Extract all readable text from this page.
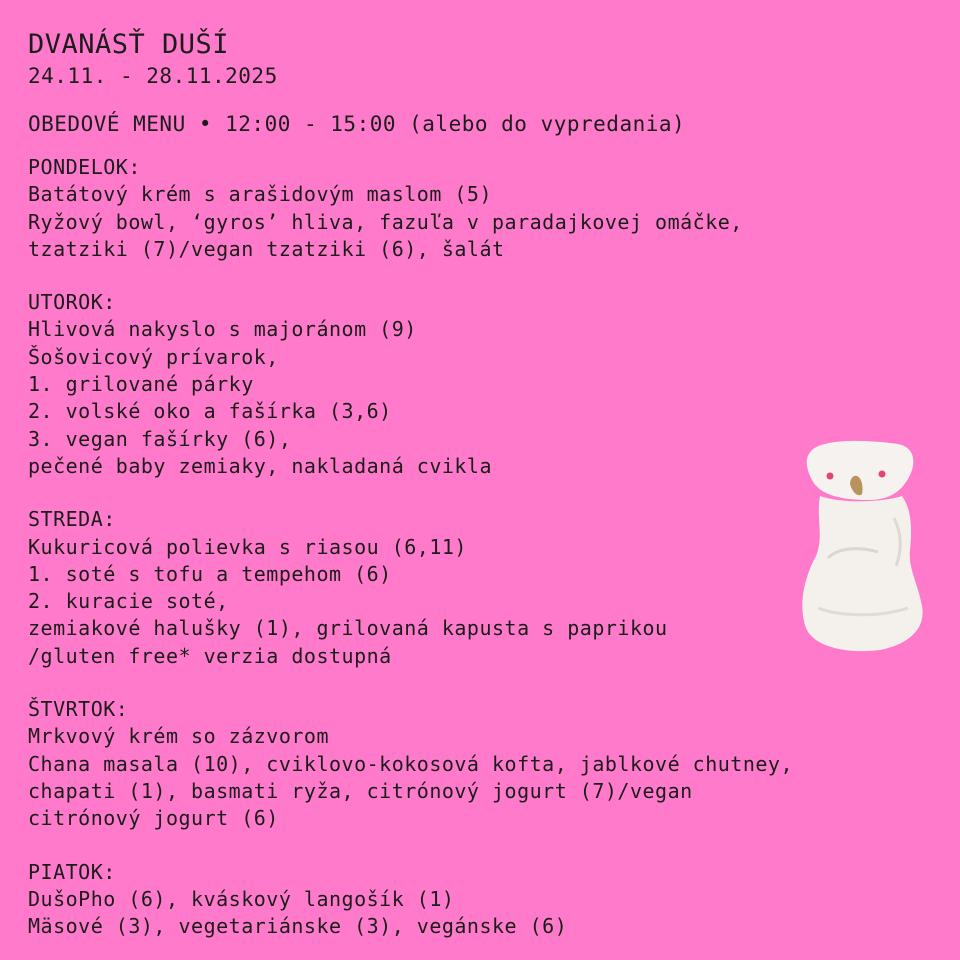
DVANÁSŤ DUŠÍ
24.11. - 28.11.2025
OBEDOVÉ MENU • 12:00 - 15:00 (alebo do vypredania)
PONDELOK:
Batátový krém s arašidovým maslom (5)
Ryžový bowl, ‘gyros’ hliva, fazuľa v paradajkovej omáčke,
tzatziki (7)/vegan tzatziki (6), šalát
UTOROK:
Hlivová nakyslo s majoránom (9)
Šošovicový prívarok,
1. grilované párky
2. volské oko a fašírka (3,6)
3. vegan fašírky (6),
pečené baby zemiaky, nakladaná cvikla
STREDA:
Kukuricová polievka s riasou (6,11)
1. soté s tofu a tempehom (6)
2. kuracie soté,
zemiakové halušky (1), grilovaná kapusta s paprikou
/gluten free* verzia dostupná
ŠTVRTOK:
Mrkvový krém so zázvorom
Chana masala (10), cviklovo-kokosová kofta, jablkové chutney,
chapati (1), basmati ryža, citrónový jogurt (7)/vegan
citrónový jogurt (6)
PIATOK:
DušoPho (6), kváskový langošík (1)
Mäsové (3), vegetariánske (3), vegánske (6)
